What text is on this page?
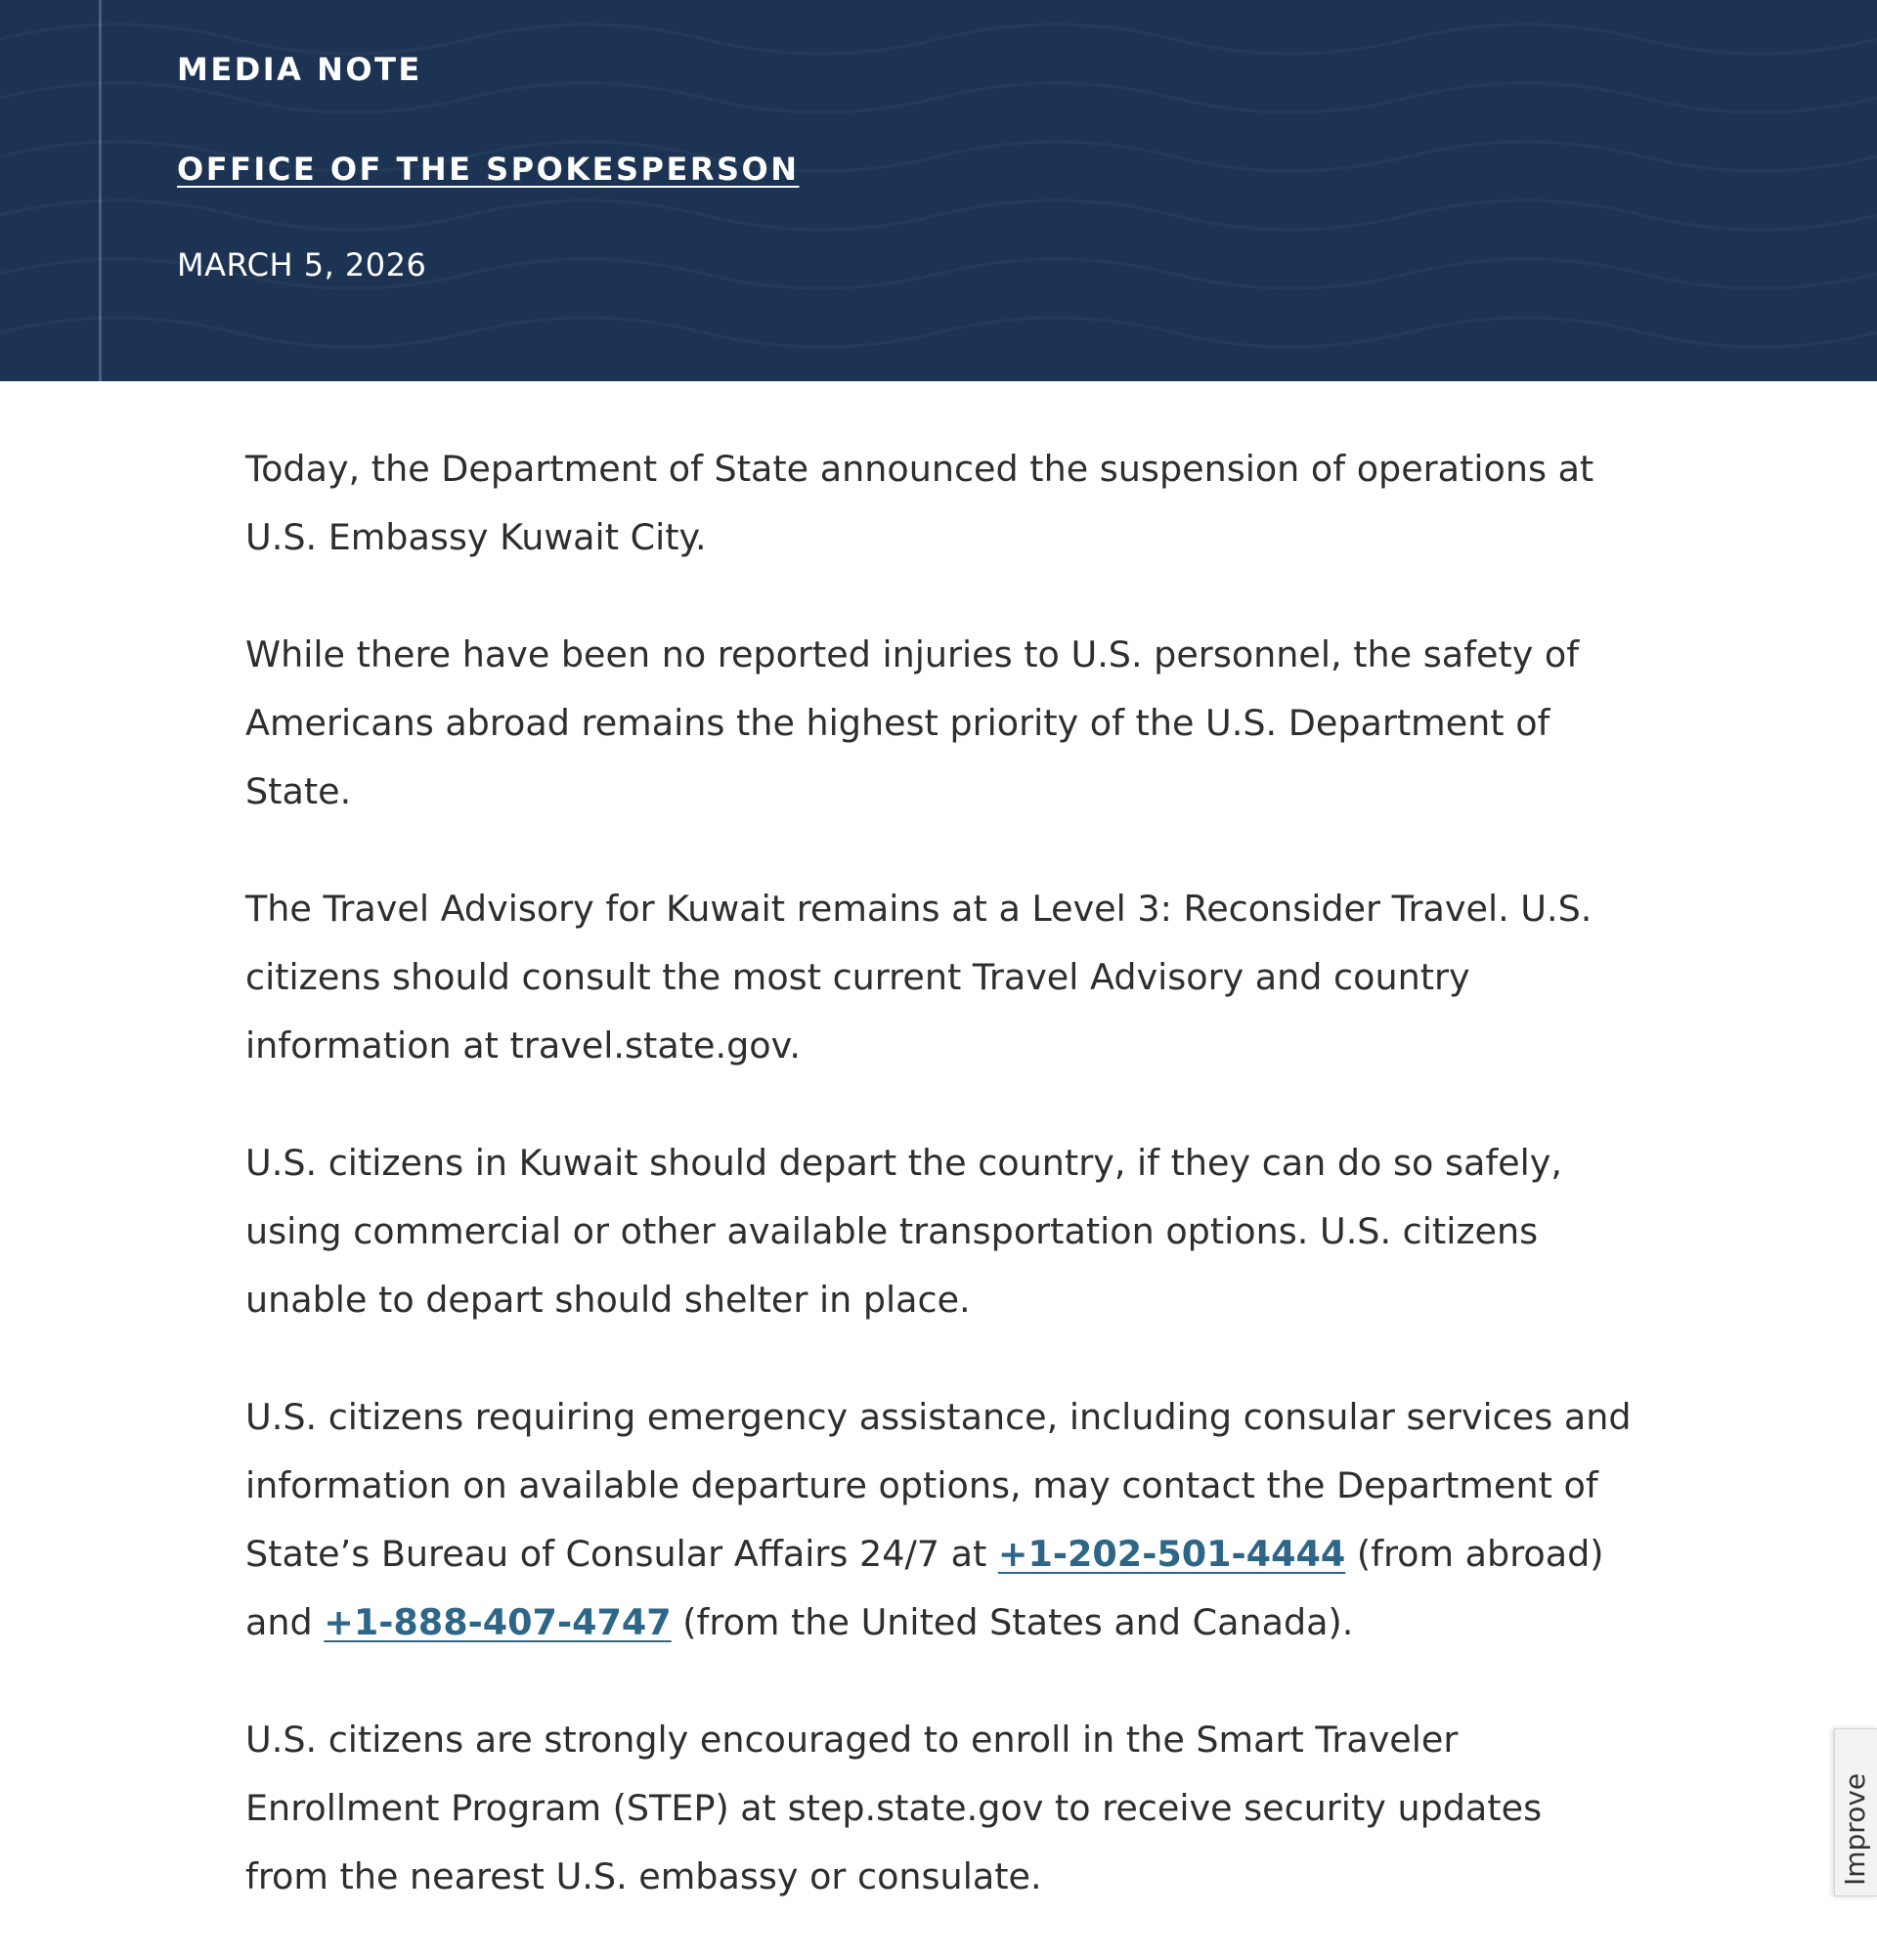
MEDIA NOTE
OFFICE OF THE SPOKESPERSON
MARCH 5, 2026

Today, the Department of State announced the suspension of operations at U.S. Embassy Kuwait City.

While there have been no reported injuries to U.S. personnel, the safety of Americans abroad remains the highest priority of the U.S. Department of State.

The Travel Advisory for Kuwait remains at a Level 3: Reconsider Travel. U.S. citizens should consult the most current Travel Advisory and country information at travel.state.gov.

U.S. citizens in Kuwait should depart the country, if they can do so safely, using commercial or other available transportation options. U.S. citizens unable to depart should shelter in place.

U.S. citizens requiring emergency assistance, including consular services and information on available departure options, may contact the Department of State’s Bureau of Consular Affairs 24/7 at +1-202-501-4444 (from abroad) and +1-888-407-4747 (from the United States and Canada).

U.S. citizens are strongly encouraged to enroll in the Smart Traveler Enrollment Program (STEP) at step.state.gov to receive security updates from the nearest U.S. embassy or consulate.	Improve
